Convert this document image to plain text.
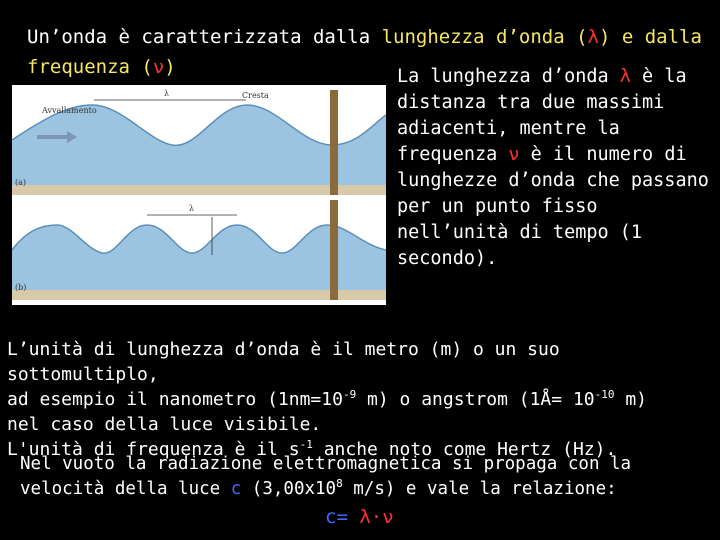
Un’onda è caratterizzata dalla lunghezza d’onda (λ) e dalla
frequenza (ν)
λ	Cresta
Avvallamento
(a)
λ
(b)
La lunghezza d’onda λ è la distanza tra due massimi adiacenti, mentre la frequenza ν è il numero di lunghezze d’onda che passano per un punto fisso nell’unità di tempo (1 secondo).
L’unità di lunghezza d’onda è il metro (m) o un suo sottomultiplo,
ad esempio il nanometro ($1nm=10^{-9}$ m) o angstrom (1Å= $10^{-10}$ m)
nel caso della luce visibile.
L'unità di frequenza è il $s^{-1}$ anche noto come Hertz (Hz).
Nel vuoto la radiazione elettromagnetica si propaga con la
velocità della luce c ($3,00x10^8$ m/s) e vale la relazione:
c= λ·ν
